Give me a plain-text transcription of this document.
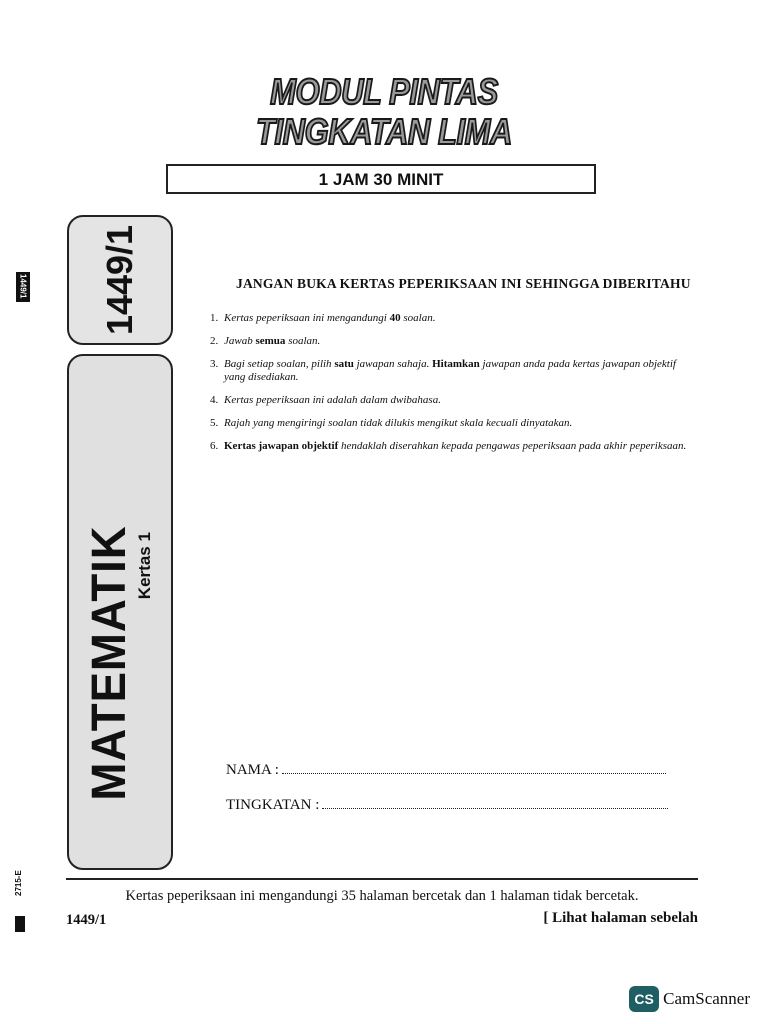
MODUL PINTAS
TINGKATAN LIMA
1 JAM 30 MINIT
1449/1 1449/1
MATEMATIK Kertas 1
JANGAN BUKA KERTAS PEPERIKSAAN INI SEHINGGA DIBERITAHU
1. Kertas peperiksaan ini mengandungi 40 soalan.
2. Jawab semua soalan.
3. Bagi setiap soalan, pilih satu jawapan sahaja. Hitamkan jawapan anda pada kertas jawapan objektif yang disediakan.
4. Kertas peperiksaan ini adalah dalam dwibahasa.
5. Rajah yang mengiringi soalan tidak dilukis mengikut skala kecuali dinyatakan.
6. Kertas jawapan objektif hendaklah diserahkan kepada pengawas peperiksaan pada akhir peperiksaan.
NAMA :
TINGKATAN :
Kertas peperiksaan ini mengandungi 35 halaman bercetak dan 1 halaman tidak bercetak.
1449/1	[ Lihat halaman sebelah
2715-E
CS CamScanner
